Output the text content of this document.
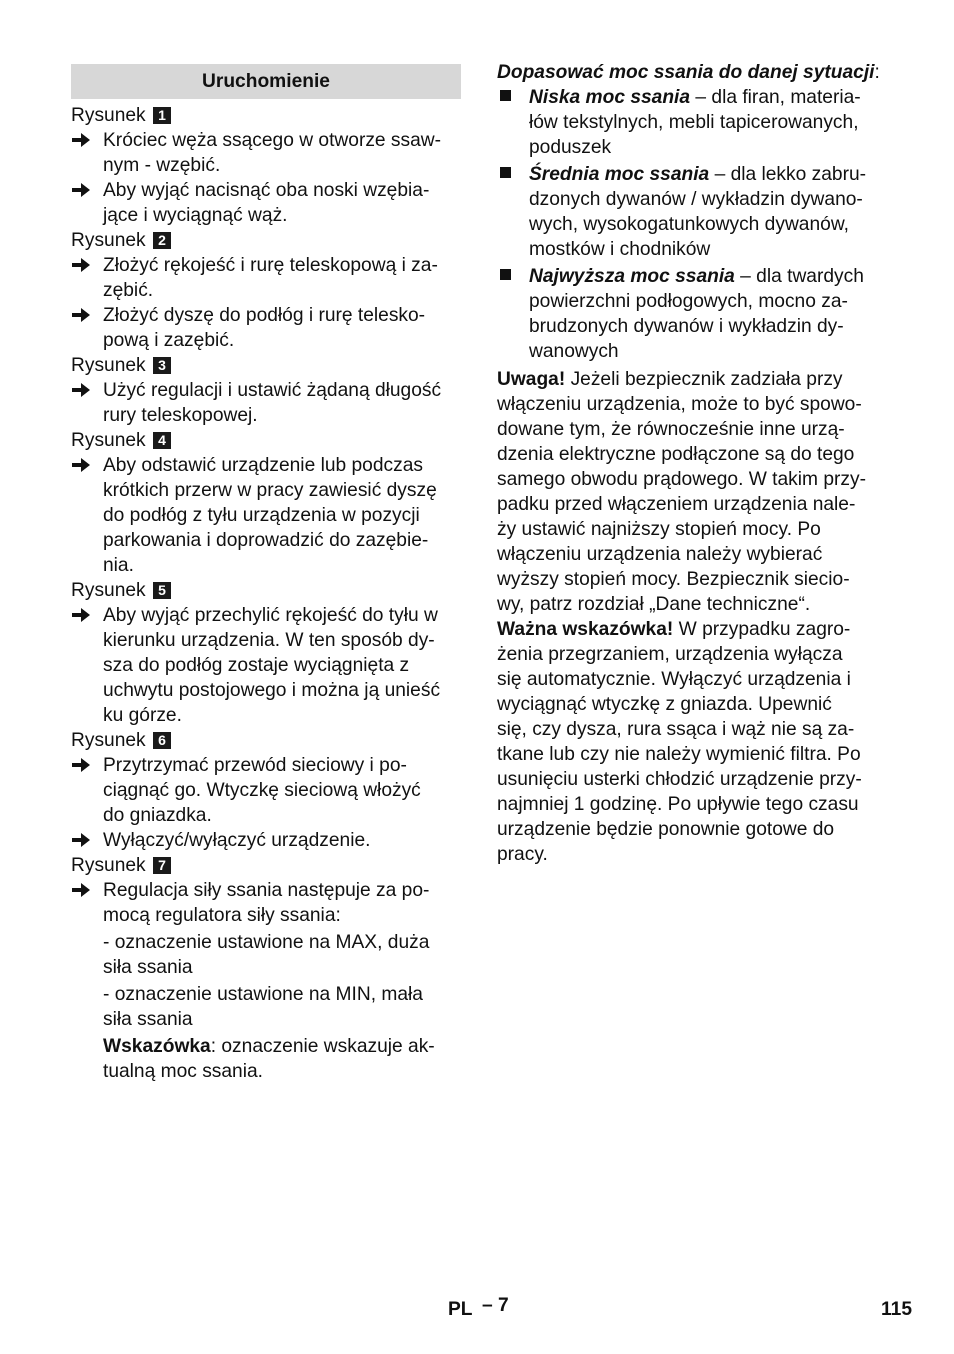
Uruchomienie
Rysunek 1
Króciec węża ssącego w otworze ssaw-
nym - wzębić.
Aby wyjąć nacisnąć oba noski wzębia-
jące i wyciągnąć wąż.
Rysunek 2
Złożyć rękojeść i rurę teleskopową i za-
zębić.
Złożyć dyszę do podłóg i rurę telesko-
pową i zazębić.
Rysunek 3
Użyć regulacji i ustawić żądaną długość
rury teleskopowej.
Rysunek 4
Aby odstawić urządzenie lub podczas
krótkich przerw w pracy zawiesić dyszę
do podłóg z tyłu urządzenia w pozycji
parkowania i doprowadzić do zazębie-
nia.
Rysunek 5
Aby wyjąć przechylić rękojeść do tyłu w
kierunku urządzenia. W ten sposób dy-
sza do podłóg zostaje wyciągnięta z
uchwytu postojowego i można ją unieść
ku górze.
Rysunek 6
Przytrzymać przewód sieciowy i po-
ciągnąć go. Wtyczkę sieciową włożyć
do gniazdka.
Wyłączyć/wyłączyć urządzenie.
Rysunek 7
Regulacja siły ssania następuje za po-
mocą regulatora siły ssania:
- oznaczenie ustawione na MAX, duża
siła ssania
- oznaczenie ustawione na MIN, mała
siła ssania
Wskazówka: oznaczenie wskazuje ak-
tualną moc ssania.
Dopasować moc ssania do danej sytuacji:
Niska moc ssania – dla firan, materia-
łów tekstylnych, mebli tapicerowanych,
poduszek
Średnia moc ssania – dla lekko zabru-
dzonych dywanów / wykładzin dywano-
wych, wysokogatunkowych dywanów,
mostków i chodników
Najwyższa moc ssania – dla twardych
powierzchni podłogowych, mocno za-
brudzonych dywanów i wykładzin dy-
wanowych
Uwaga! Jeżeli bezpiecznik zadziała przy
włączeniu urządzenia, może to być spowo-
dowane tym, że równocześnie inne urzą-
dzenia elektryczne podłączone są do tego
samego obwodu prądowego. W takim przy-
padku przed włączeniem urządzenia nale-
ży ustawić najniższy stopień mocy. Po
włączeniu urządzenia należy wybierać
wyższy stopień mocy. Bezpiecznik sieciо-
wy, patrz rozdział „Dane techniczne“.
Ważna wskazówka! W przypadku zagro-
żenia przegrzaniem, urządzenia wyłącza
się automatycznie. Wyłączyć urządzenia i
wyciągnąć wtyczkę z gniazda. Upewnić
się, czy dysza, rura ssąca i wąż nie są za-
tkane lub czy nie należy wymienić filtra. Po
usunięciu usterki chłodzić urządzenie przy-
najmniej 1 godzinę. Po upływie tego czasu
urządzenie będzie ponownie gotowe do
pracy.
PL – 7	115
